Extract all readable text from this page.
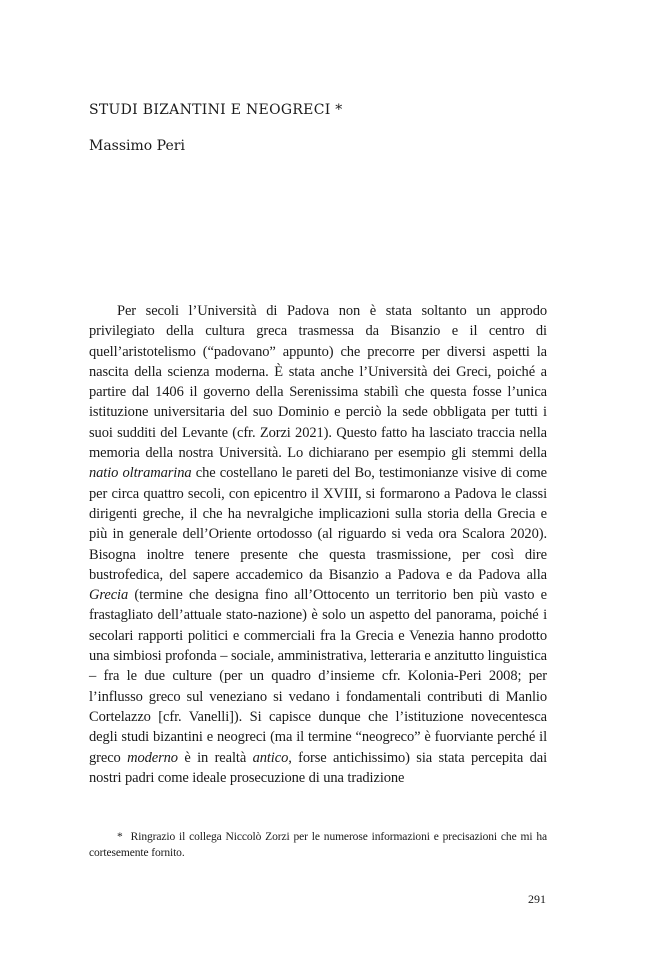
STUDI BIZANTINI E NEOGRECI *

Massimo Peri

Per secoli l’Università di Padova non è stata soltanto un approdo privilegiato della cultura greca trasmessa da Bisanzio e il centro di quell’aristotelismo (“padovano” appunto) che precorre per diversi aspetti la nascita della scienza moderna. È stata anche l’Università dei Greci, poiché a partire dal 1406 il governo della Serenissima stabilì che questa fosse l’unica istituzione universitaria del suo Dominio e perciò la sede obbligata per tutti i suoi sudditi del Levante (cfr. Zorzi 2021). Questo fatto ha lasciato traccia nella memoria della nostra Università. Lo dichiarano per esempio gli stemmi della natio oltramarina che costellano le pareti del Bo, testimonianze visive di come per circa quattro secoli, con epicentro il XVIII, si formarono a Padova le classi dirigenti greche, il che ha nevralgiche implicazioni sulla storia della Grecia e più in generale dell’Oriente ortodosso (al riguardo si veda ora Scalora 2020). Bisogna inoltre tenere presente che questa trasmissione, per così dire bustrofedica, del sapere accademico da Bisanzio a Padova e da Padova alla Grecia (termine che designa fino all’Ottocento un territorio ben più vasto e frastagliato dell’attuale stato-nazione) è solo un aspetto del panorama, poiché i secolari rapporti politici e commerciali fra la Grecia e Venezia hanno prodotto una simbiosi profonda – sociale, amministrativa, letteraria e anzitutto linguistica – fra le due culture (per un quadro d’insieme cfr. Kolonia-Peri 2008; per l’influsso greco sul veneziano si vedano i fondamentali contributi di Manlio Cortelazzo [cfr. Vanelli]). Si capisce dunque che l’istituzione novecentesca degli studi bizantini e neogreci (ma il termine “neogreco” è fuorviante perché il greco moderno è in realtà antico, forse antichissimo) sia stata percepita dai nostri padri come ideale prosecuzione di una tradizione

* Ringrazio il collega Niccolò Zorzi per le numerose informazioni e precisazioni che mi ha cortesemente fornito.

291
